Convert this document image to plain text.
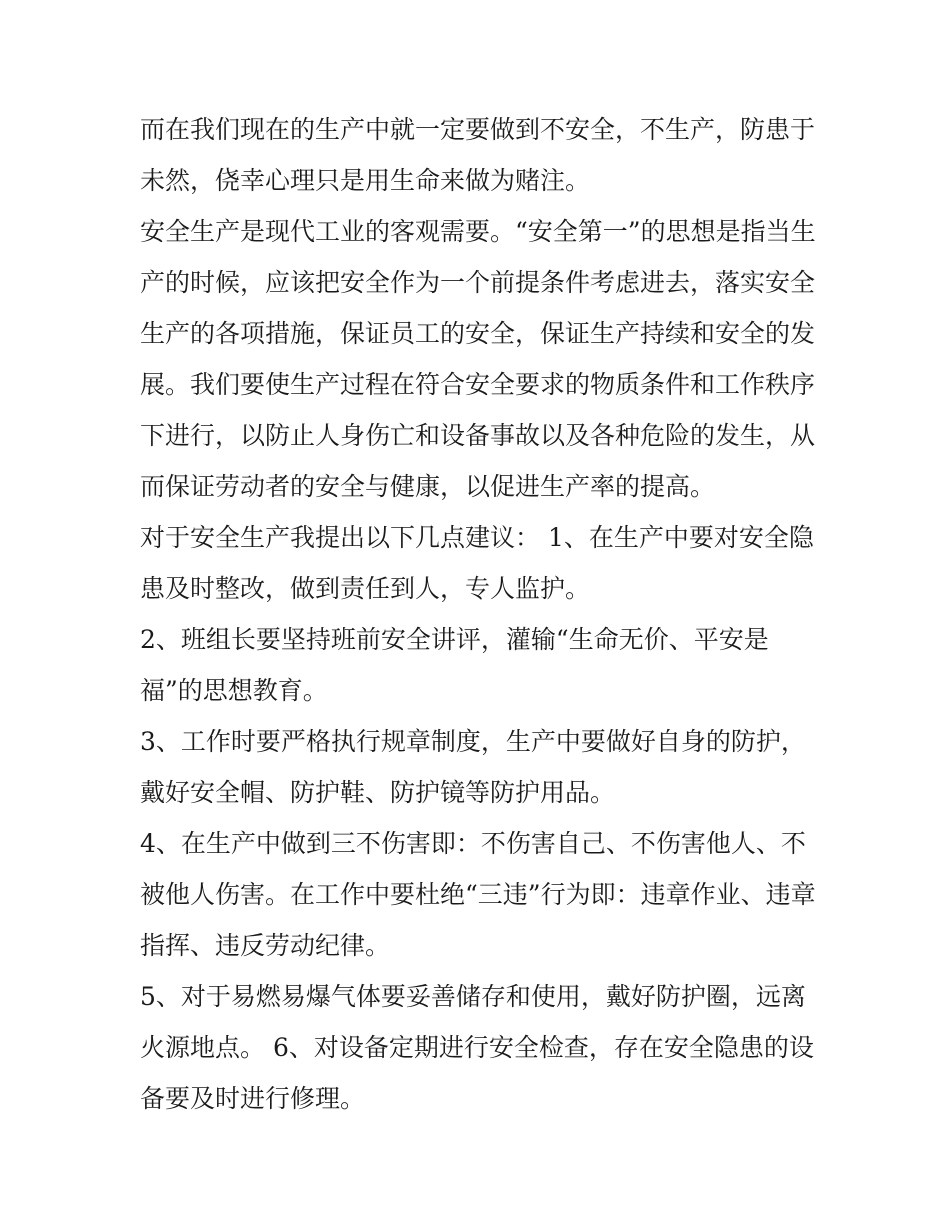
而在我们现在的生产中就一定要做到不安全，不生产，防患于
未然，侥幸心理只是用生命来做为赌注。
安全生产是现代工业的客观需要。“安全第一”的思想是指当生
产的时候，应该把安全作为一个前提条件考虑进去，落实安全
生产的各项措施，保证员工的安全，保证生产持续和安全的发
展。我们要使生产过程在符合安全要求的物质条件和工作秩序
下进行，以防止人身伤亡和设备事故以及各种危险的发生，从
而保证劳动者的安全与健康，以促进生产率的提高。
对于安全生产我提出以下几点建议： 1、在生产中要对安全隐
患及时整改，做到责任到人，专人监护。
2、班组长要坚持班前安全讲评，灌输“生命无价、平安是
福”的思想教育。
3、工作时要严格执行规章制度，生产中要做好自身的防护，
戴好安全帽、防护鞋、防护镜等防护用品。
4、在生产中做到三不伤害即：不伤害自己、不伤害他人、不
被他人伤害。在工作中要杜绝“三违”行为即：违章作业、违章
指挥、违反劳动纪律。
5、对于易燃易爆气体要妥善储存和使用，戴好防护圈，远离
火源地点。 6、对设备定期进行安全检查，存在安全隐患的设
备要及时进行修理。
